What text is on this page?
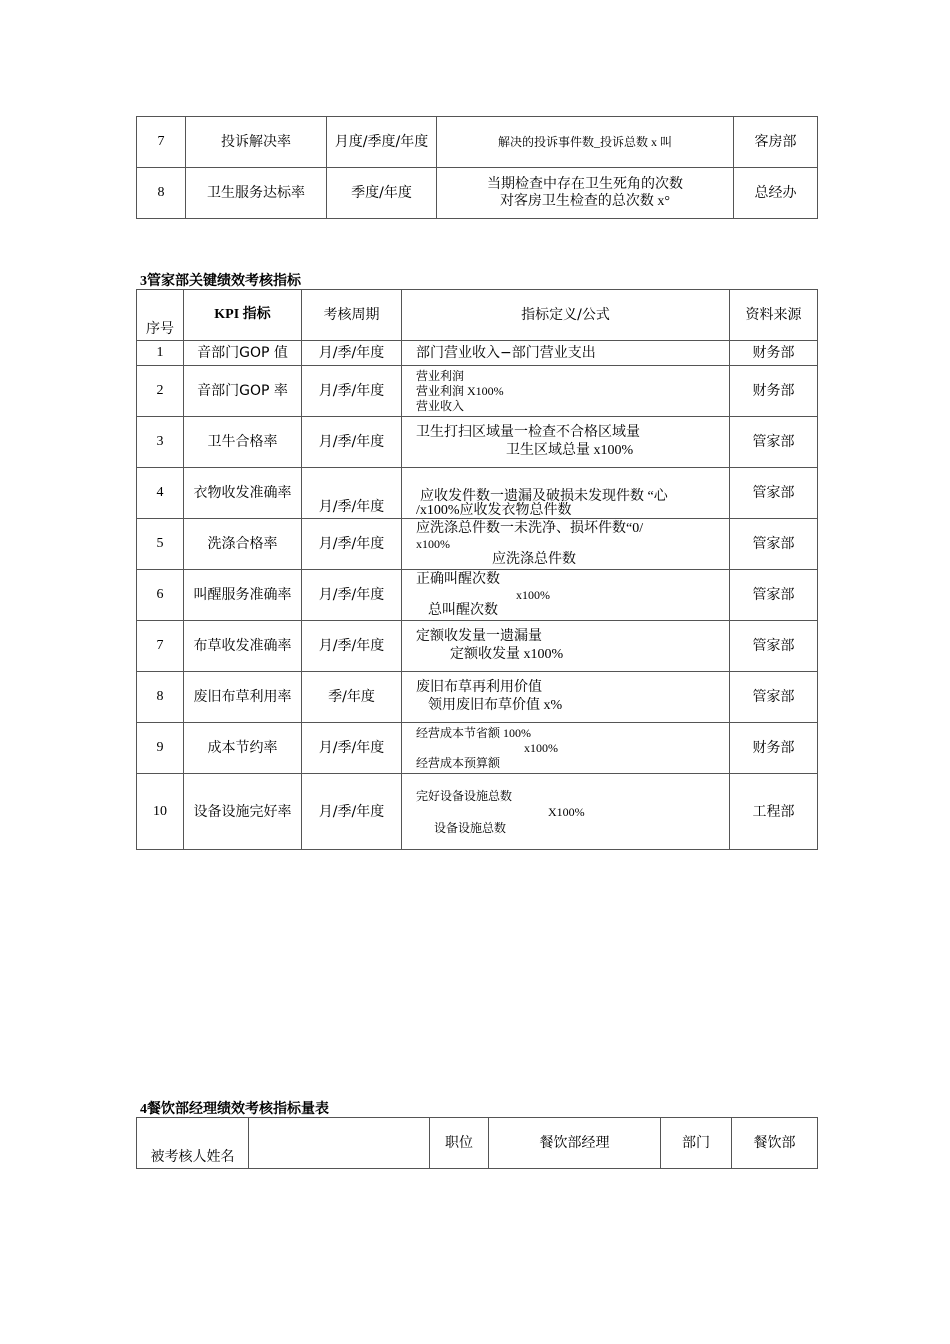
7	投诉解决率	月度/季度/年度	解决的投诉事件数_投诉总数 x 叫	客房部
8	卫生服务达标率	季度/年度	当期检查中存在卫生死角的次数
对客房卫生检查的总次数 x°	总经办
3管家部关键绩效考核指标
序号	KPI 指标	考核周期	指标定义/公式	资料来源
1	音部门GOP 值	月/季/年度	部门营业收入−部门营业支出	财务部
2	音部门GOP 率	月/季/年度	营业利润
营业利润 X100%
营业收入	财务部
3	卫牛合格率	月/季/年度	卫生打扫区域量一检查不合格区域量
卫生区域总量 x100%	管家部
4	衣物收发准确率	月/季/年度	应收发件数一遗漏及破损未发现件数 “心
/x100%应收发衣物总件数	管家部
5	洗涤合格率	月/季/年度	应洗涤总件数一未洗净、损坏件数“0/
x100%
应洗涤总件数	管家部
6	叫醒服务准确率	月/季/年度	正确叫醒次数
x100%
总叫醒次数	管家部
7	布草收发准确率	月/季/年度	定额收发量一遗漏量
定额收发量 x100%	管家部
8	废旧布草利用率	季/年度	废旧布草再利用价值
领用废旧布草价值 x%	管家部
9	成本节约率	月/季/年度	经营成本节省额 100%
x100%
经营成本预算额	财务部
10	设备设施完好率	月/季/年度	完好设备设施总数
X100%
设备设施总数	工程部
4餐饮部经理绩效考核指标量表
被考核人姓名		职位	餐饮部经理	部门	餐饮部
